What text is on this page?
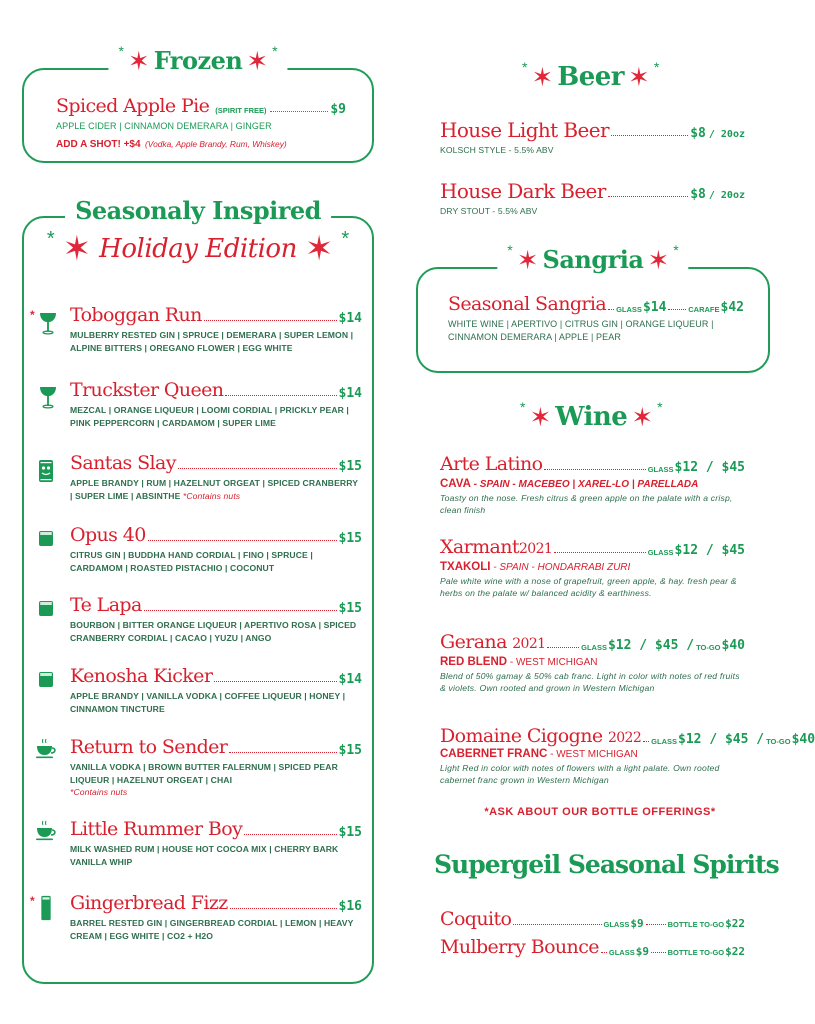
* ✶ Frozen ✶ *
Spiced Apple Pie (SPIRIT FREE)	$9
APPLE CIDER | CINNAMON DEMERARA | GINGER
ADD A SHOT! +$4 (Vodka, Apple Brandy, Rum, Whiskey)
Seasonaly Inspired
* ✶ Holiday Edition ✶ *
Toboggan Run	$14
MULBERRY RESTED GIN | SPRUCE | DEMERARA | SUPER LEMON | ALPINE BITTERS | OREGANO FLOWER | EGG WHITE
*
Truckster Queen	$14
MEZCAL | ORANGE LIQUEUR | LOOMI CORDIAL | PRICKLY PEAR | PINK PEPPERCORN | CARDAMOM | SUPER LIME
Santas Slay	$15
APPLE BRANDY | RUM | HAZELNUT ORGEAT | SPICED CRANBERRY | SUPER LIME | ABSINTHE *Contains nuts
Opus 40	$15
CITRUS GIN | BUDDHA HAND CORDIAL | FINO | SPRUCE | CARDAMOM | ROASTED PISTACHIO | COCONUT
Te Lapa	$15
BOURBON | BITTER ORANGE LIQUEUR | APERTIVO ROSA | SPICED CRANBERRY CORDIAL | CACAO | YUZU | ANGO
Kenosha Kicker	$14
APPLE BRANDY | VANILLA VODKA | COFFEE LIQUEUR | HONEY | CINNAMON TINCTURE
Return to Sender	$15
VANILLA VODKA | BROWN BUTTER FALERNUM | SPICED PEAR LIQUEUR | HAZELNUT ORGEAT | CHAI
*Contains nuts
Little Rummer Boy	$15
MILK WASHED RUM | HOUSE HOT COCOA MIX | CHERRY BARK VANILLA WHIP
Gingerbread Fizz	$16
BARREL RESTED GIN | GINGERBREAD CORDIAL | LEMON | HEAVY CREAM | EGG WHITE | CO2 + H2O
*
* ✶ Beer ✶ *
House Light Beer	$8 / 20oz
KOLSCH STYLE - 5.5% ABV
House Dark Beer	$8 / 20oz
DRY STOUT - 5.5% ABV
* ✶ Sangria ✶ *
Seasonal Sangria GLASS $14	CARAFE $42
WHITE WINE | APERTIVO | CITRUS GIN | ORANGE LIQUEUR | CINNAMON DEMERARA | APPLE | PEAR
* ✶ Wine ✶ *
Arte Latino	GLASS $12 / $45
CAVA - SPAIN - MACEBEO | XAREL-LO | PARELLADA
Toasty on the nose. Fresh citrus & green apple on the palate with a crisp, clean finish
Xarmant2021	GLASS $12 / $45
TXAKOLI - SPAIN - HONDARRABI ZURI
Pale white wine with a nose of grapefruit, green apple, & hay. fresh pear & herbs on the palate w/ balanced acidity & earthiness.
Gerana 2021	GLASS $12 / $45 / TO-GO $40
RED BLEND - WEST MICHIGAN
Blend of 50% gamay & 50% cab franc. Light in color with notes of red fruits & violets. Own rooted and grown in Western Michigan
Domaine Cigogne 2022 GLASS $12 / $45 / TO-GO $40
CABERNET FRANC - WEST MICHIGAN
Light Red in color with notes of flowers with a light palate. Own rooted cabernet franc grown in Western Michigan
*ASK ABOUT OUR BOTTLE OFFERINGS*
Supergeil Seasonal Spirits
Coquito	GLASS $9	BOTTLE TO-GO $22
Mulberry Bounce GLASS $9 BOTTLE TO-GO $22
